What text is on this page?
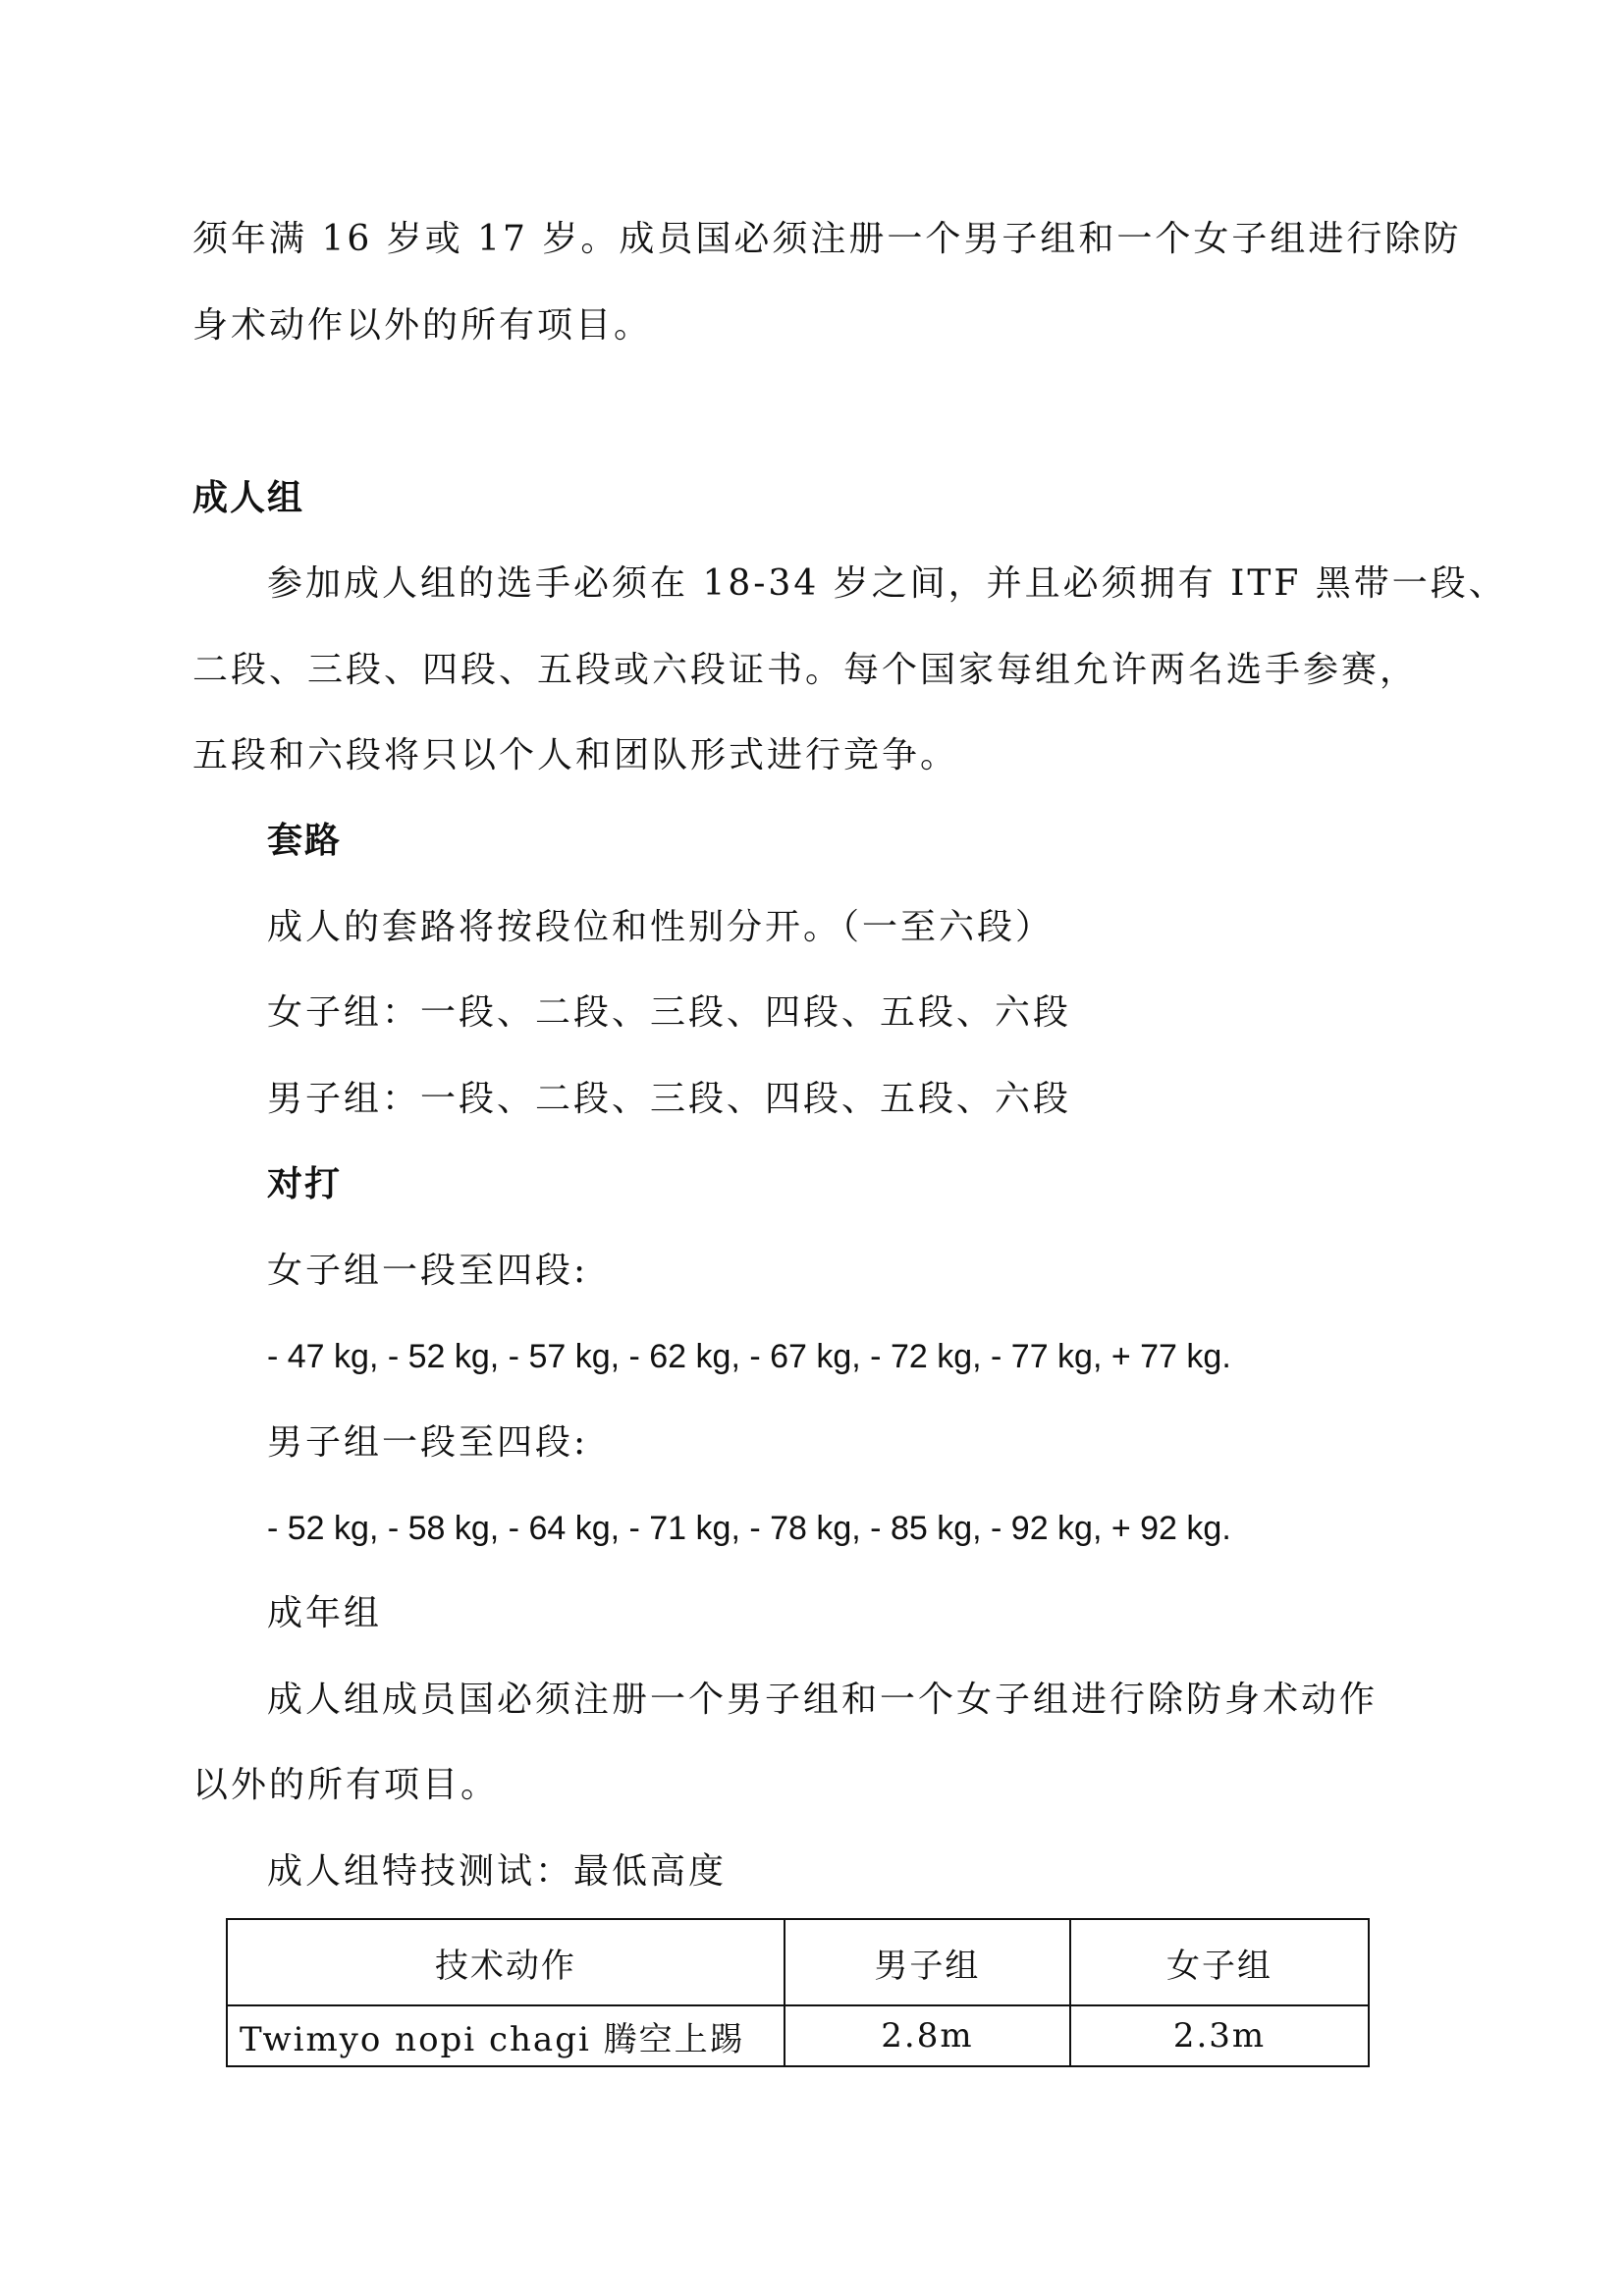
须年满 16 岁或 17 岁。成员国必须注册一个男子组和一个女子组进行除防
身术动作以外的所有项目。
成人组
参加成人组的选手必须在 18-34 岁之间，并且必须拥有 ITF 黑带一段、
二段、三段、四段、五段或六段证书。每个国家每组允许两名选手参赛，
五段和六段将只以个人和团队形式进行竞争。
套路
成人的套路将按段位和性别分开。（一至六段）
女子组：一段、二段、三段、四段、五段、六段
男子组：一段、二段、三段、四段、五段、六段
对打
女子组一段至四段:
- 47 kg, - 52 kg, - 57 kg, - 62 kg, - 67 kg, - 72 kg, - 77 kg, + 77 kg.
男子组一段至四段:
- 52 kg, - 58 kg, - 64 kg, - 71 kg, - 78 kg, - 85 kg, - 92 kg, + 92 kg.
成年组
成人组成员国必须注册一个男子组和一个女子组进行除防身术动作
以外的所有项目。
成人组特技测试：最低高度
技术动作	男子组	女子组
Twimyo nopi chagi 腾空上踢	2.8m	2.3m
